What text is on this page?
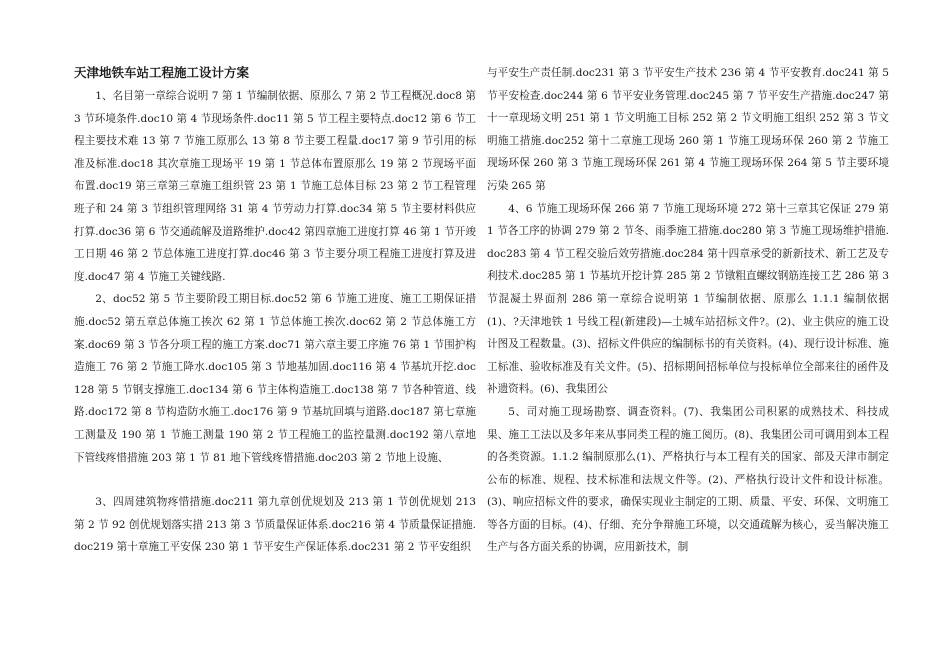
天津地铁车站工程施工设计方案

1、名目第一章综合说明 7 第 1 节编制依据、原那么 7 第 2 节工程概况.doc8 第 3 节环境条件.doc10 第 4 节现场条件.doc11 第 5 节工程主要特点.doc12 第 6 节工程主要技术难 13 第 7 节施工原那么 13 第 8 节主要工程量.doc17 第 9 节引用的标准及标准.doc18 其次章施工现场平 19 第 1 节总体布置原那么 19 第 2 节现场平面布置.doc19 第三章第三章施工组织管 23 第 1 节施工总体目标 23 第 2 节工程管理班子和 24 第 3 节组织管理网络 31 第 4 节劳动力打算.doc34 第 5 节主要材料供应打算.doc36 第 6 节交通疏解及道路维护.doc42 第四章施工进度打算 46 第 1 节开竣工日期 46 第 2 节总体施工进度打算.doc46 第 3 节主要分项工程施工进度打算及进度.doc47 第 4 节施工关键线路.

2、doc52 第 5 节主要阶段工期目标.doc52 第 6 节施工进度、施工工期保证措施.doc52 第五章总体施工挨次 62 第 1 节总体施工挨次.doc62 第 2 节总体施工方案.doc69 第 3 节各分项工程的施工方案.doc71 第六章主要工序施 76 第 1 节围护构造施工 76 第 2 节施工降水.doc105 第 3 节地基加固.doc116 第 4 节基坑开挖.doc128 第 5 节钢支撑施工.doc134 第 6 节主体构造施工.doc138 第 7 节各种管道、线路.doc172 第 8 节构造防水施工.doc176 第 9 节基坑回填与道路.doc187 第七章施工测量及 190 第 1 节施工测量 190 第 2 节工程施工的监控量测.doc192 第八章地下管线疼惜措施 203 第 1 节 81 地下管线疼惜措施.doc203 第 2 节地上设施、

3、四周建筑物疼惜措施.doc211 第九章创优规划及 213 第 1 节创优规划 213 第 2 节 92 创优规划落实措 213 第 3 节质量保证体系.doc216 第 4 节质量保证措施.doc219 第十章施工平安保 230 第 1 节平安生产保证体系.doc231 第 2 节平安组织

与平安生产责任制.doc231 第 3 节平安生产技术 236 第 4 节平安教育.doc241 第 5 节平安检查.doc244 第 6 节平安业务管理.doc245 第 7 节平安生产措施.doc247 第十一章现场文明 251 第 1 节文明施工目标 252 第 2 节文明施工组织 252 第 3 节文明施工措施.doc252 第十二章施工现场 260 第 1 节施工现场环保 260 第 2 节施工现场环保 260 第 3 节施工现场环保 261 第 4 节施工现场环保 264 第 5 节主要环境污染 265 第

4、6 节施工现场环保 266 第 7 节施工现场环境 272 第十三章其它保证 279 第 1 节各工序的协调 279 第 2 节冬、雨季施工措施.doc280 第 3 节施工现场维护措施.doc283 第 4 节工程交验后效劳措施.doc284 第十四章承受的新新技术、新工艺及专利技术.doc285 第 1 节基坑开挖计算 285 第 2 节镦粗直螺纹钢筋连接工艺 286 第 3 节混凝土界面剂 286 第一章综合说明第 1 节编制依据、原那么 1.1.1 编制依据(1)、?天津地铁 1 号线工程(新建段)—土城车站招标文件?。(2)、业主供应的施工设计图及工程数量。(3)、招标文件供应的编制标书的有关资料。(4)、现行设计标准、施工标准、验收标准及有关文件。(5)、招标期间招标单位与投标单位全部来往的函件及补遗资料。(6)、我集团公

5、司对施工现场勘察、调查资料。(7)、我集团公司积累的成熟技术、科技成果、施工工法以及多年来从事同类工程的施工阅历。(8)、我集团公司可调用到本工程的各类资源。1.1.2 编制原那么(1)、严格执行与本工程有关的国家、部及天津市制定公布的标准、规程、技术标准和法规文件等。(2)、严格执行设计文件和设计标准。(3)、响应招标文件的要求，确保实现业主制定的工期、质量、平安、环保、文明施工等各方面的目标。(4)、仔细、充分争辩施工环境，以交通疏解为核心，妥当解决施工生产与各方面关系的协调，应用新技术，制
